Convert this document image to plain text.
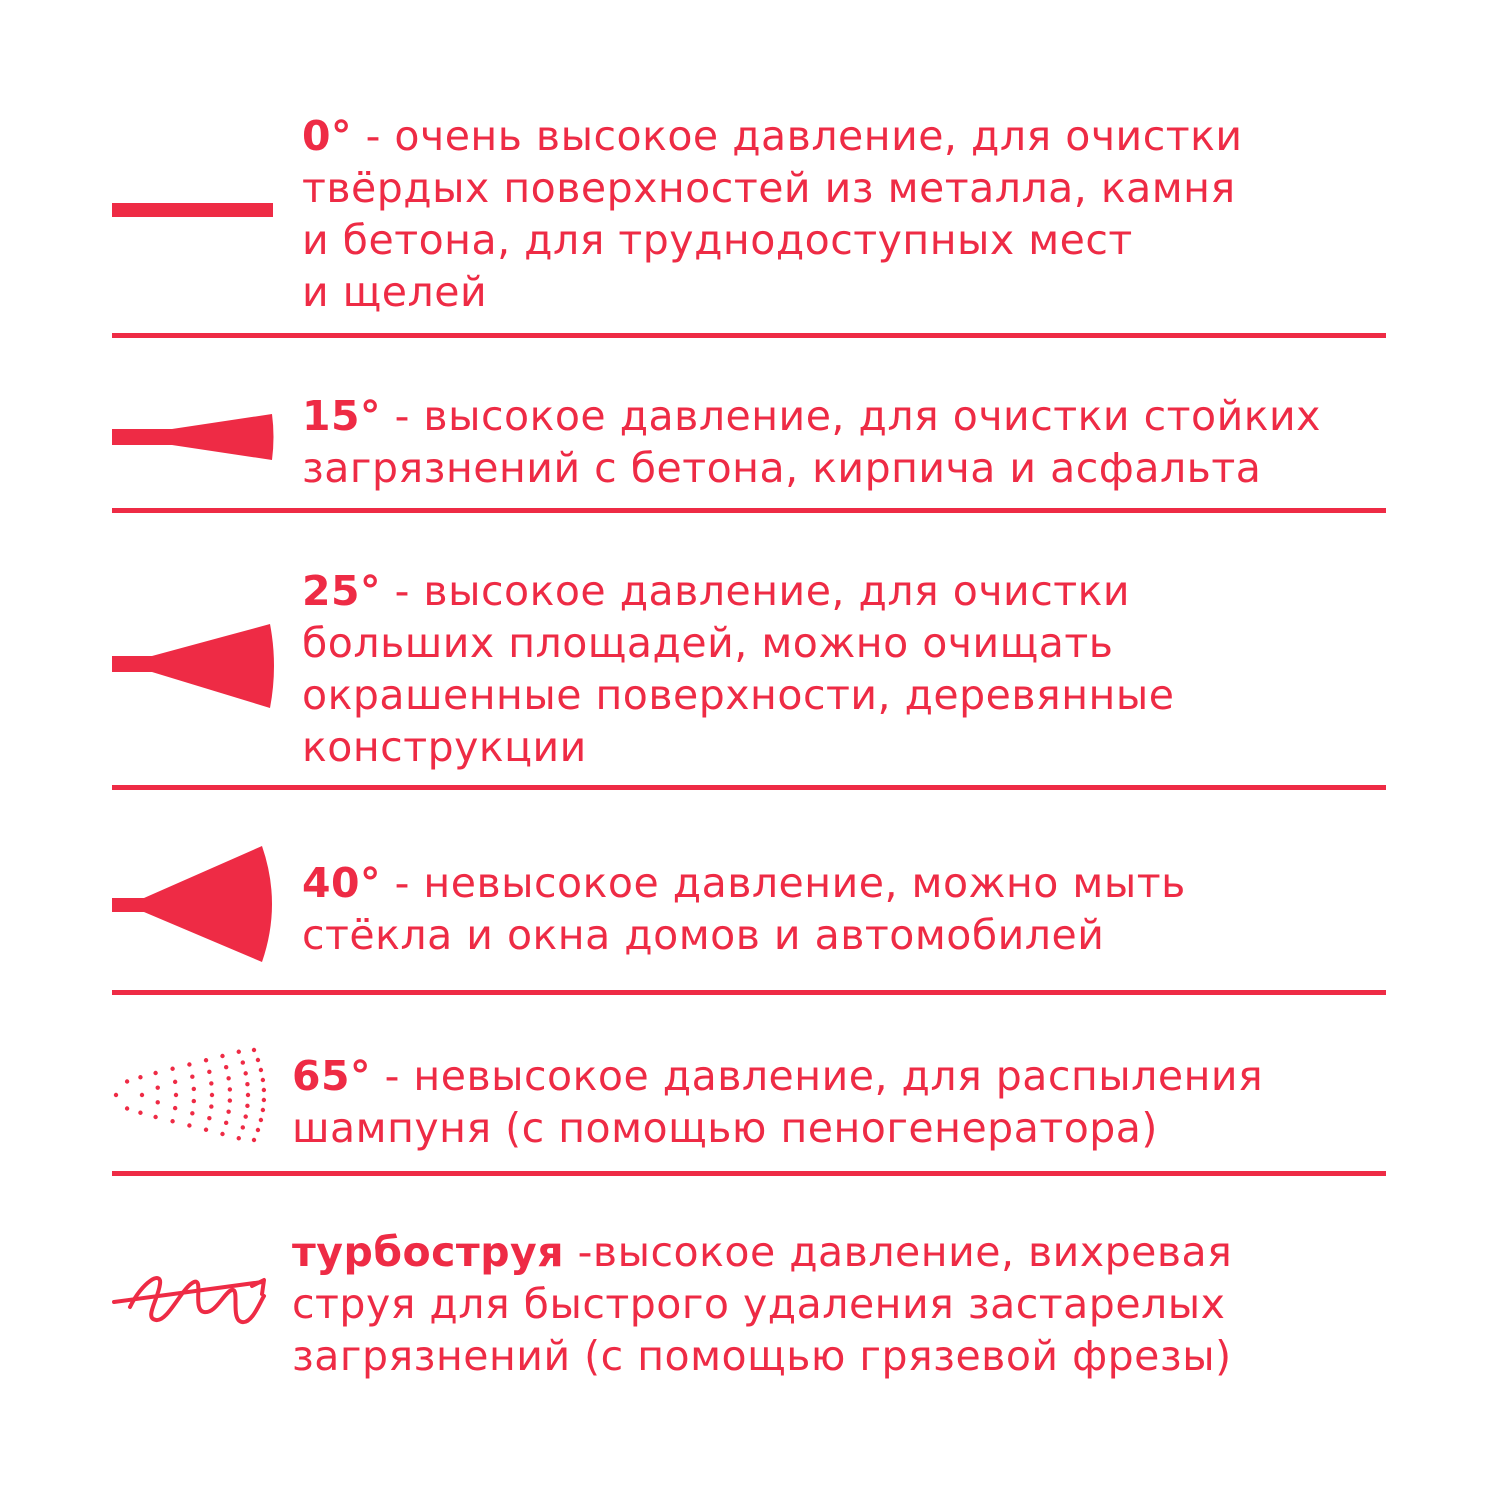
0° - очень высокое давление, для очистки
твёрдых поверхностей из металла, камня
и бетона, для труднодоступных мест
и щелей

15° - высокое давление, для очистки стойких
загрязнений с бетона, кирпича и асфальта

25° - высокое давление, для очистки
больших площадей, можно очищать
окрашенные поверхности, деревянные
конструкции

40° - невысокое давление, можно мыть
стёкла и окна домов и автомобилей

65° - невысокое давление, для распыления
шампуня (с помощью пеногенератора)

турбоструя -высокое давление, вихревая
струя для быстрого удаления застарелых
загрязнений (с помощью грязевой фрезы)
